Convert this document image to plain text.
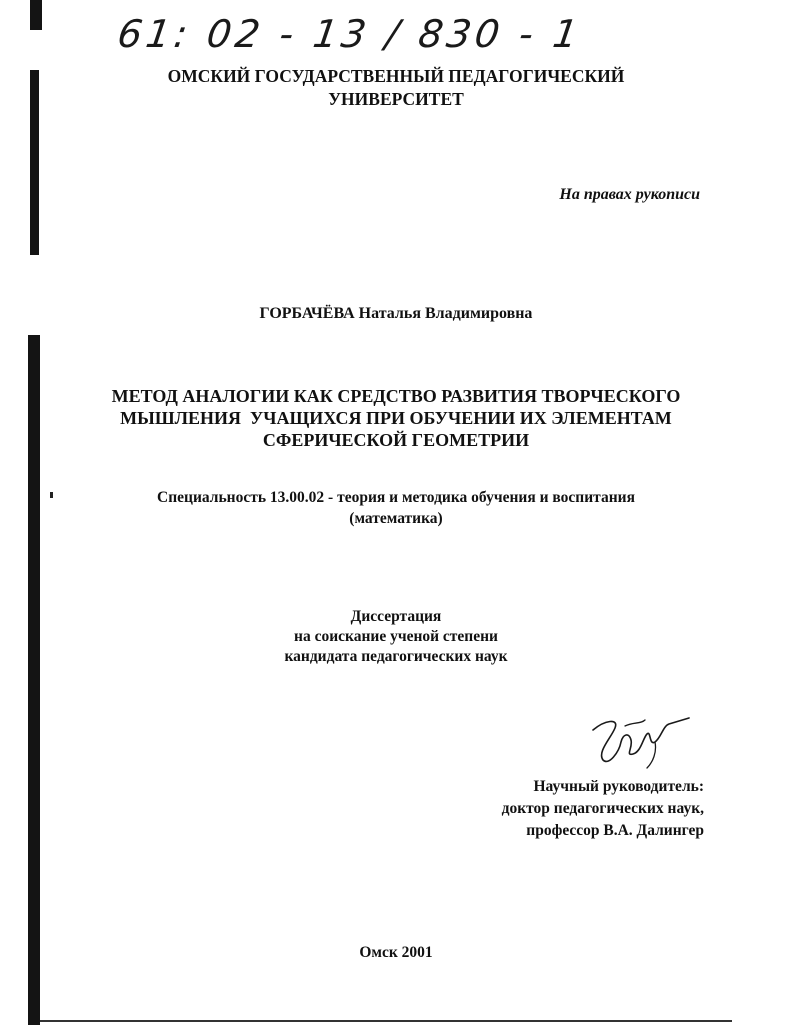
61: 02 - 13 / 830 - 1
ОМСКИЙ ГОСУДАРСТВЕННЫЙ ПЕДАГОГИЧЕСКИЙ
УНИВЕРСИТЕТ
На правах рукописи
ГОРБАЧЁВА Наталья Владимировна
МЕТОД АНАЛОГИИ КАК СРЕДСТВО РАЗВИТИЯ ТВОРЧЕСКОГО
МЫШЛЕНИЯ  УЧАЩИХСЯ ПРИ ОБУЧЕНИИ ИХ ЭЛЕМЕНТАМ
СФЕРИЧЕСКОЙ ГЕОМЕТРИИ
Специальность 13.00.02 - теория и методика обучения и воспитания
(математика)
Диссертация
на соискание ученой степени
кандидата педагогических наук
Научный руководитель:
доктор педагогических наук,
профессор В.А. Далингер
Омск 2001
